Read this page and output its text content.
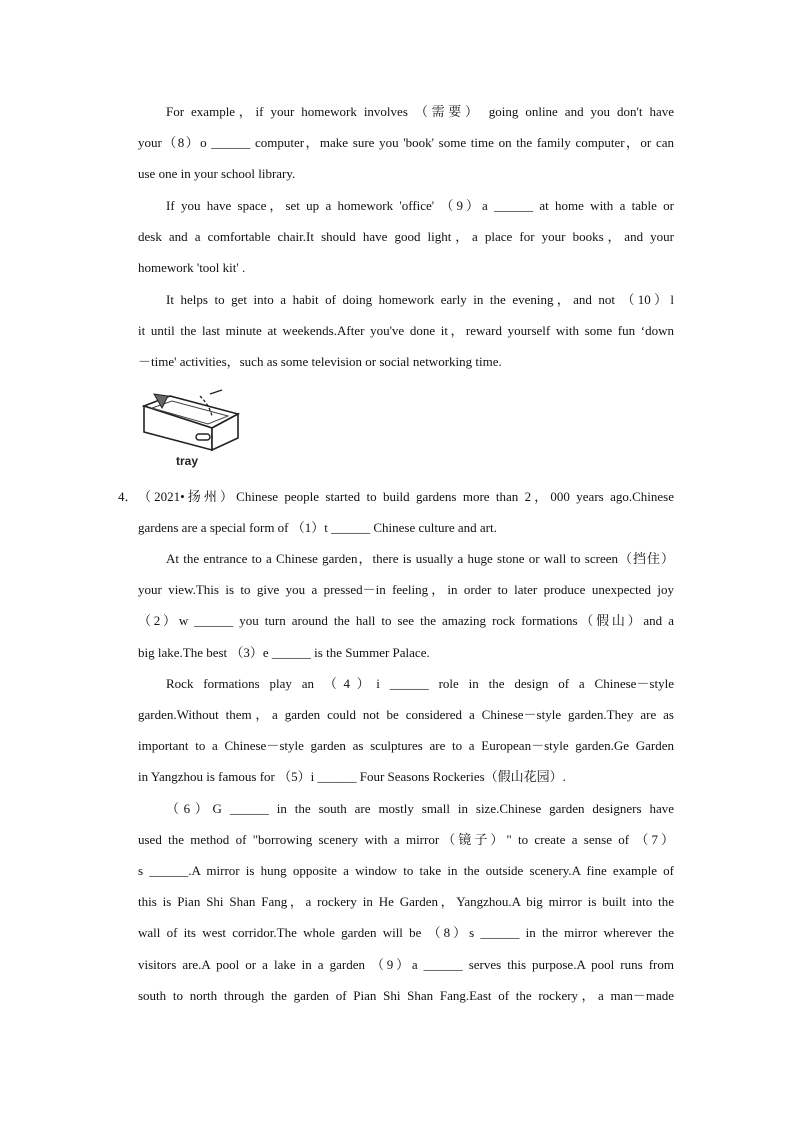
For example，if your homework involves （需要） going online and you don't have
your（8）o ______ computer，make sure you 'book' some time on the family computer，or can
use one in your school library.
If you have space，set up a homework 'office' （9）a ______ at home with a table or
desk and a comfortable chair.It should have good light，a place for your books，and your
homework 'tool kit' .
It helps to get into a habit of doing homework early in the evening，and not （10）l
it until the last minute at weekends.After you've done it，reward yourself with some fun ‘down
－time' activities，such as some television or social networking time.
tray
4． （2021•扬州）Chinese people started to build gardens more than 2，000 years ago.Chinese
gardens are a special form of （1）t ______ Chinese culture and art.
At the entrance to a Chinese garden，there is usually a huge stone or wall to screen（挡住）
your view.This is to give you a pressed－in feeling，in order to later produce unexpected joy
（2）w ______ you turn around the hall to see the amazing rock formations（假山）and a
big lake.The best （3）e ______ is the Summer Palace.
Rock formations play an （4）i ______ role in the design of a Chinese－style
garden.Without them，a garden could not be considered a Chinese－style garden.They are as
important to a Chinese－style garden as sculptures are to a European－style garden.Ge Garden
in Yangzhou is famous for （5）i ______ Four Seasons Rockeries（假山花园）.
（6）G ______ in the south are mostly small in size.Chinese garden designers have
used the method of "borrowing scenery with a mirror（镜子）" to create a sense of （7）
s ______.A mirror is hung opposite a window to take in the outside scenery.A fine example of
this is Pian Shi Shan Fang，a rockery in He Garden，Yangzhou.A big mirror is built into the
wall of its west corridor.The whole garden will be （8）s ______ in the mirror wherever the
visitors are.A pool or a lake in a garden （9）a ______ serves this purpose.A pool runs from
south to north through the garden of Pian Shi Shan Fang.East of the rockery，a man－made
